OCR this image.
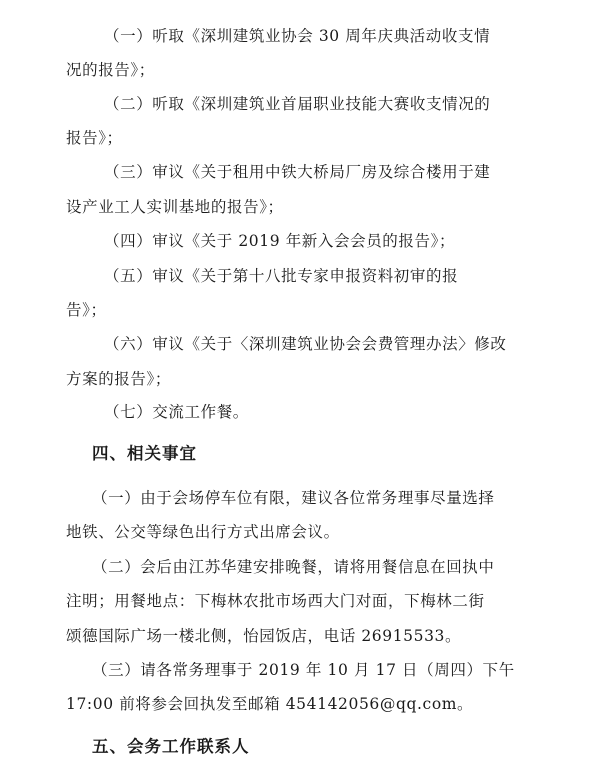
（一）听取《深圳建筑业协会 30 周年庆典活动收支情
况的报告》；
（二）听取《深圳建筑业首届职业技能大赛收支情况的
报告》；
（三）审议《关于租用中铁大桥局厂房及综合楼用于建
设产业工人实训基地的报告》；
（四）审议《关于 2019 年新入会会员的报告》；
（五）审议《关于第十八批专家申报资料初审的报
告》；
（六）审议《关于〈深圳建筑业协会会费管理办法〉修改
方案的报告》；
（七）交流工作餐。
四、相关事宜
（一）由于会场停车位有限，建议各位常务理事尽量选择
地铁、公交等绿色出行方式出席会议。
（二）会后由江苏华建安排晚餐，请将用餐信息在回执中
注明；用餐地点：下梅林农批市场西大门对面，下梅林二街
颂德国际广场一楼北侧，怡园饭店，电话 26915533。
（三）请各常务理事于 2019 年 10 月 17 日（周四）下午
17:00 前将参会回执发至邮箱 454142056@qq.com。
五、会务工作联系人
